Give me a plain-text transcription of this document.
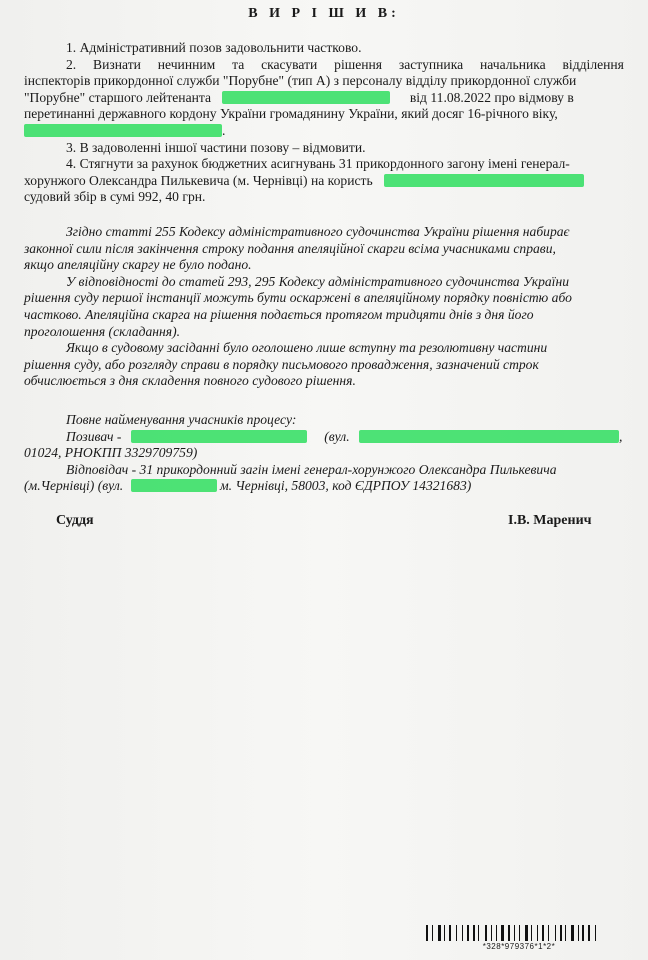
В И Р І Ш И В:
1. Адміністративний позов задовольнити частково.
2. Визнати нечинним та скасувати рішення заступника начальника відділення
інспекторів прикордонної служби "Порубне" (тип А) з персоналу відділу прикордонної служби
"Порубне" старшого лейтенанта	від 11.08.2022 про відмову в
перетинанні державного кордону України громадянину України, який досяг 16-річного віку,
.
3. В задоволенні іншої частини позову – відмовити.
4. Стягнути за рахунок бюджетних асигнувань 31 прикордонного загону імені генерал-
хорунжого Олександра Пилькевича (м. Чернівці) на користь
судовий збір в сумі 992, 40 грн.
Згідно статті 255 Кодексу адміністративного судочинства України рішення набирає
законної сили після закінчення строку подання апеляційної скарги всіма учасниками справи,
якщо апеляційну скаргу не було подано.
У відповідності до статей 293, 295 Кодексу адміністративного судочинства України
рішення суду першої інстанції можуть бути оскаржені в апеляційному порядку повністю або
частково. Апеляційна скарга на рішення подається протягом тридцяти днів з дня його
проголошення (складання).
Якщо в судовому засіданні було оголошено лише вступну та резолютивну частини
рішення суду, або розгляду справи в порядку письмового провадження, зазначений строк
обчислюється з дня складення повного судового рішення.
Повне найменування учасників процесу:
Позивач -	(вул.	,
01024, РНОКПП 3329709759)
Відповідач - 31 прикордонний загін імені генерал-хорунжого Олександра Пилькевича
(м.Чернівці) (вул.	м. Чернівці, 58003, код ЄДРПОУ 14321683)
Суддя	І.В. Маренич
*328*979376*1*2*
